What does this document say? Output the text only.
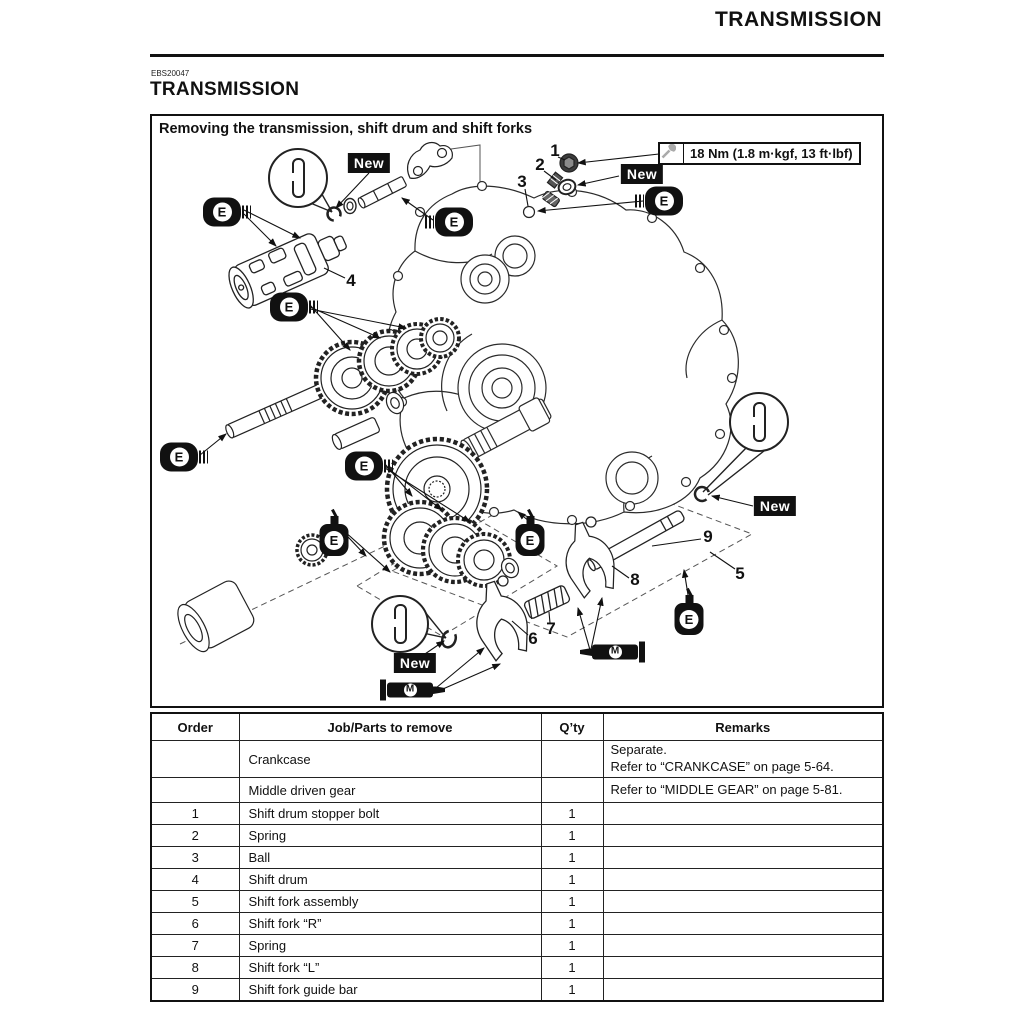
TRANSMISSION
EBS20047
TRANSMISSION
Removing the transmission, shift drum and shift forks
18 Nm (1.8 m·kgf, 13 ft·lbf)
New
New
New
New
E
E
E
E
E
E
E	E
E
M
M
1
2
3
4
5
6
7
8
9
Order	Job/Parts to remove	Q’ty	Remarks
	Crankcase		Separate.
Refer to “CRANKCASE” on page 5-64.

	Middle driven gear		Refer to “MIDDLE GEAR” on page 5-81.
1	Shift drum stopper bolt	1	
2	Spring	1	
3	Ball	1	
4	Shift drum	1	
5	Shift fork assembly	1	
6	Shift fork “R”	1	
7	Spring	1	
8	Shift fork “L”	1	
9	Shift fork guide bar	1	
